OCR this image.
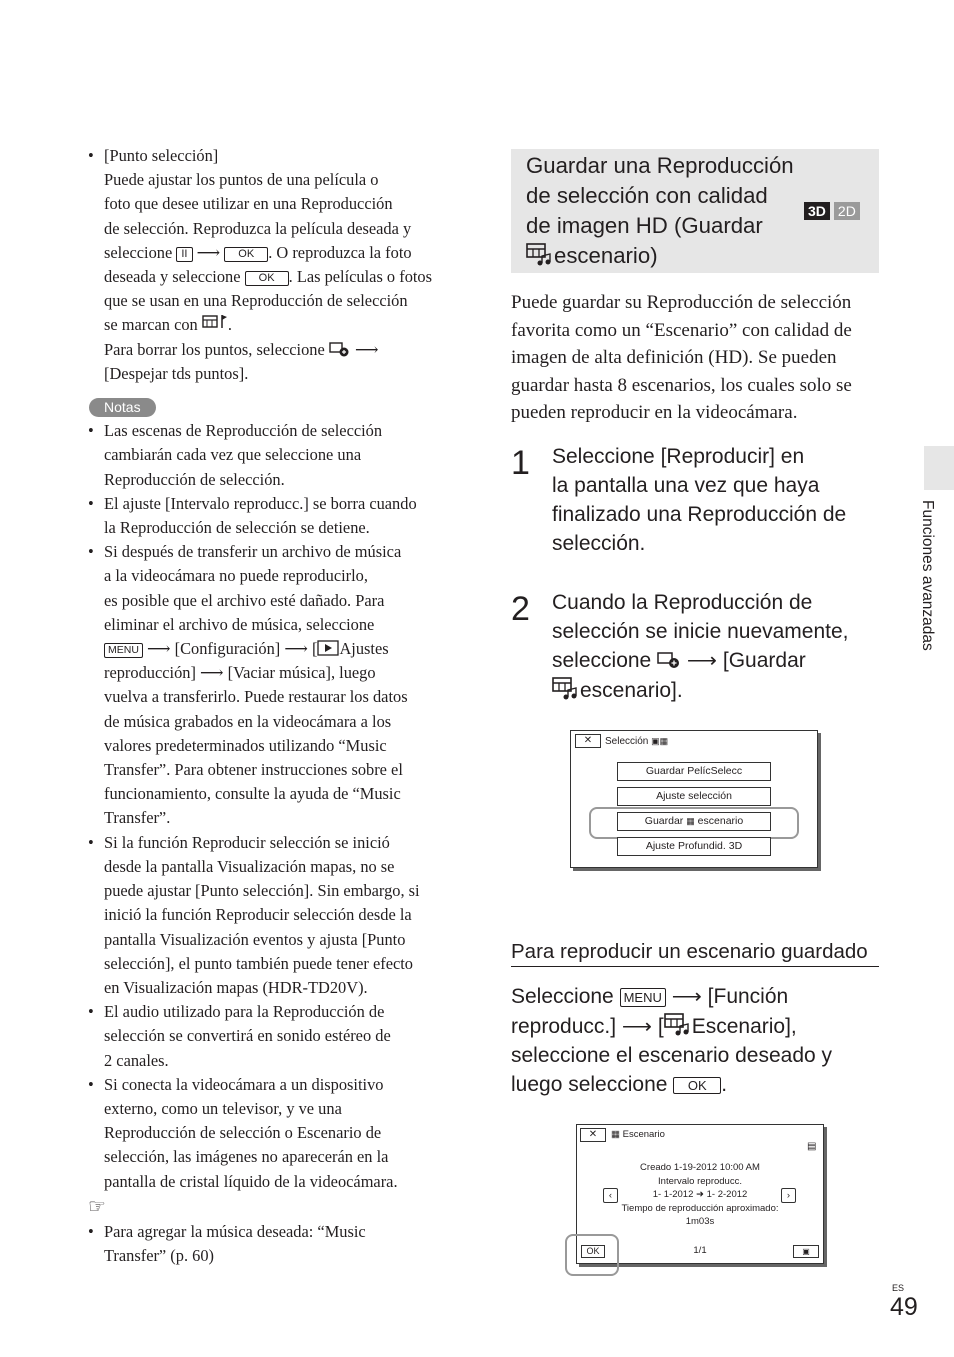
• [Punto selección]
Puede ajustar los puntos de una película o
foto que desee utilizar en una Reproducción
de selección. Reproduzca la película deseada y
seleccione II ⟶ OK . O reproduzca la foto
deseada y seleccione OK . Las películas o fotos
que se usan en una Reproducción de selección
se marcan con .
Para borrar los puntos, seleccione ⟶
[Despejar tds puntos].
Notas
• Las escenas de Reproducción de selección
cambiarán cada vez que seleccione una
Reproducción de selección.
• El ajuste [Intervalo reproducc.] se borra cuando
la Reproducción de selección se detiene.
• Si después de transferir un archivo de música
a la videocámara no puede reproducirlo,
es posible que el archivo esté dañado. Para
eliminar el archivo de música, seleccione
MENU ⟶ [Configuración] ⟶ [ Ajustes
reproducción] ⟶ [Vaciar música], luego
vuelva a transferirlo. Puede restaurar los datos
de música grabados en la videocámara a los
valores predeterminados utilizando “Music
Transfer”. Para obtener instrucciones sobre el
funcionamiento, consulte la ayuda de “Music
Transfer”.
• Si la función Reproducir selección se inició
desde la pantalla Visualización mapas, no se
puede ajustar [Punto selección]. Sin embargo, si
inició la función Reproducir selección desde la
pantalla Visualización eventos y ajusta [Punto
selección], el punto también puede tener efecto
en Visualización mapas (HDR-TD20V).
• El audio utilizado para la Reproducción de
selección se convertirá en sonido estéreo de
2 canales.
• Si conecta la videocámara a un dispositivo
externo, como un televisor, y ve una
Reproducción de selección o Escenario de
selección, las imágenes no aparecerán en la
pantalla de cristal líquido de la videocámara.
☞
• Para agregar la música deseada: “Music
Transfer” (p. 60)
Guardar una Reproducción
de selección con calidad
de imagen HD (Guardar
escenario)
3D 2D
Puede guardar su Reproducción de selección
favorita como un “Escenario” con calidad de
imagen de alta definición (HD). Se pueden
guardar hasta 8 escenarios, los cuales solo se
pueden reproducir en la videocámara.
1 Seleccione [Reproducir] en
la pantalla una vez que haya
finalizado una Reproducción de
selección.
2 Cuando la Reproducción de
selección se inicie nuevamente,
seleccione ⟶ [Guardar
escenario].
✕	Selección ▣▦
Guardar PelícSelecc
Ajuste selección
Guardar ▦ escenario
Ajuste Profundid. 3D
Para reproducir un escenario guardado
Seleccione MENU ⟶ [Función
reproducc.] ⟶ [ Escenario],
seleccione el escenario deseado y
luego seleccione OK .
✕	▦ Escenario
▤
Creado 1-19-2012 10:00 AM
Intervalo reproducc.
1- 1-2012 ➜ 1- 2-2012
Tiempo de reproducción aproximado:
1m03s
‹	›
1/1
OK	▣
Funciones avanzadas
ES
49
